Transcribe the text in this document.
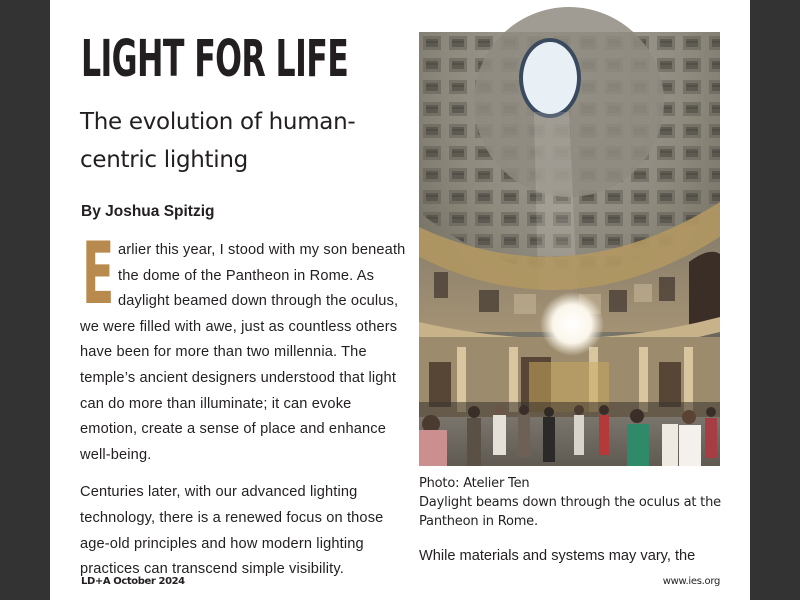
LIGHT FOR LIFE
The evolution of human-centric lighting
By Joshua Spitzig

Earlier this year, I stood with my son beneath the dome of the Pantheon in Rome. As daylight beamed down through the oculus, we were filled with awe, just as countless others have been for more than two millennia. The temple’s ancient designers understood that light can do more than illuminate; it can evoke emotion, create a sense of place and enhance well-being.

Centuries later, with our advanced lighting technology, there is a renewed focus on those age-old principles and how modern lighting practices can transcend simple visibility.

Photo: Atelier Ten
Daylight beams down through the oculus at the Pantheon in Rome.
While materials and systems may vary, the
LD+A October 2024	www.ies.org
